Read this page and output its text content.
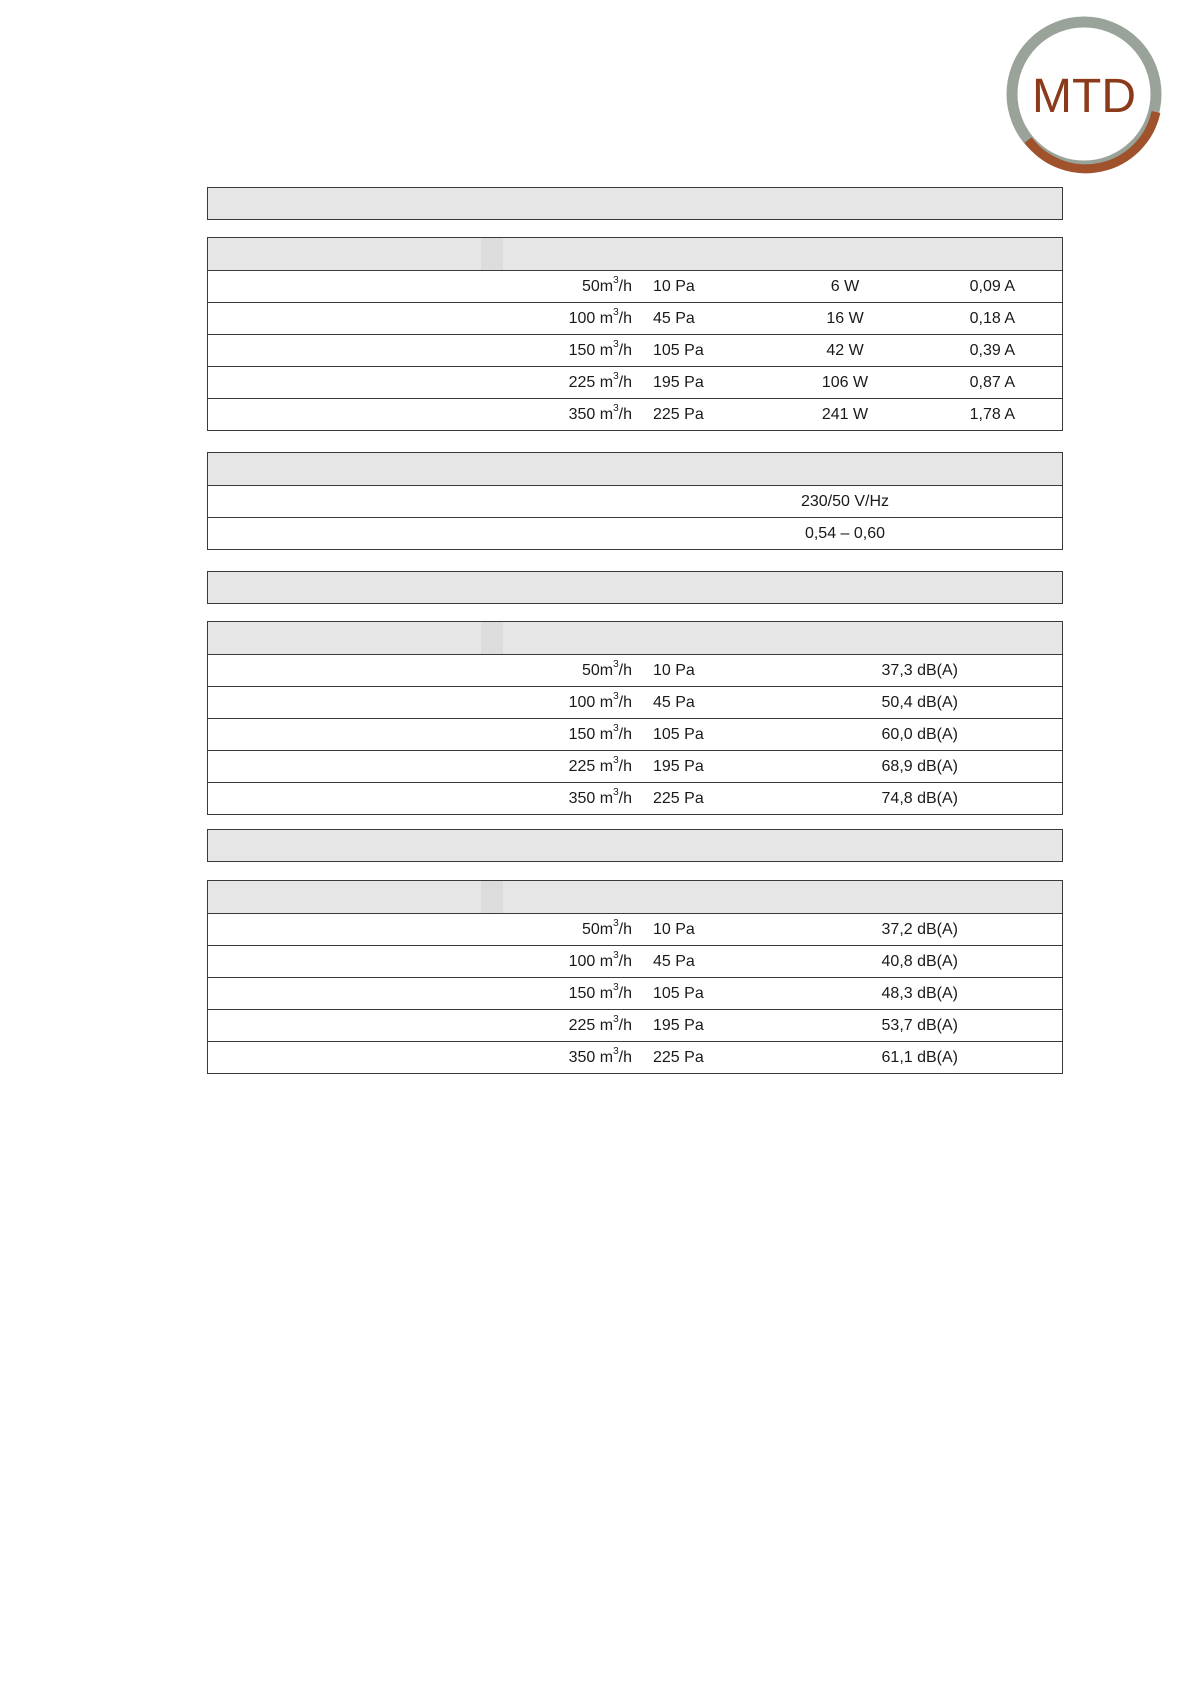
MTD
$50m^3/h$ 10 Pa	6 W	0,09 A
100 $m^3/h$ 45 Pa	16 W	0,18 A
150 $m^3/h$ 105 Pa	42 W	0,39 A
225 $m^3/h$ 195 Pa	106 W	0,87 A
350 $m^3/h$ 225 Pa	241 W	1,78 A
230/50 V/Hz
0,54 – 0,60
$50m^3/h$ 10 Pa	37,3 dB(A)
100 $m^3/h$ 45 Pa	50,4 dB(A)
150 $m^3/h$ 105 Pa	60,0 dB(A)
225 $m^3/h$ 195 Pa	68,9 dB(A)
350 $m^3/h$ 225 Pa	74,8 dB(A)
$50m^3/h$ 10 Pa	37,2 dB(A)
100 $m^3/h$ 45 Pa	40,8 dB(A)
150 $m^3/h$ 105 Pa	48,3 dB(A)
225 $m^3/h$ 195 Pa	53,7 dB(A)
350 $m^3/h$ 225 Pa	61,1 dB(A)
